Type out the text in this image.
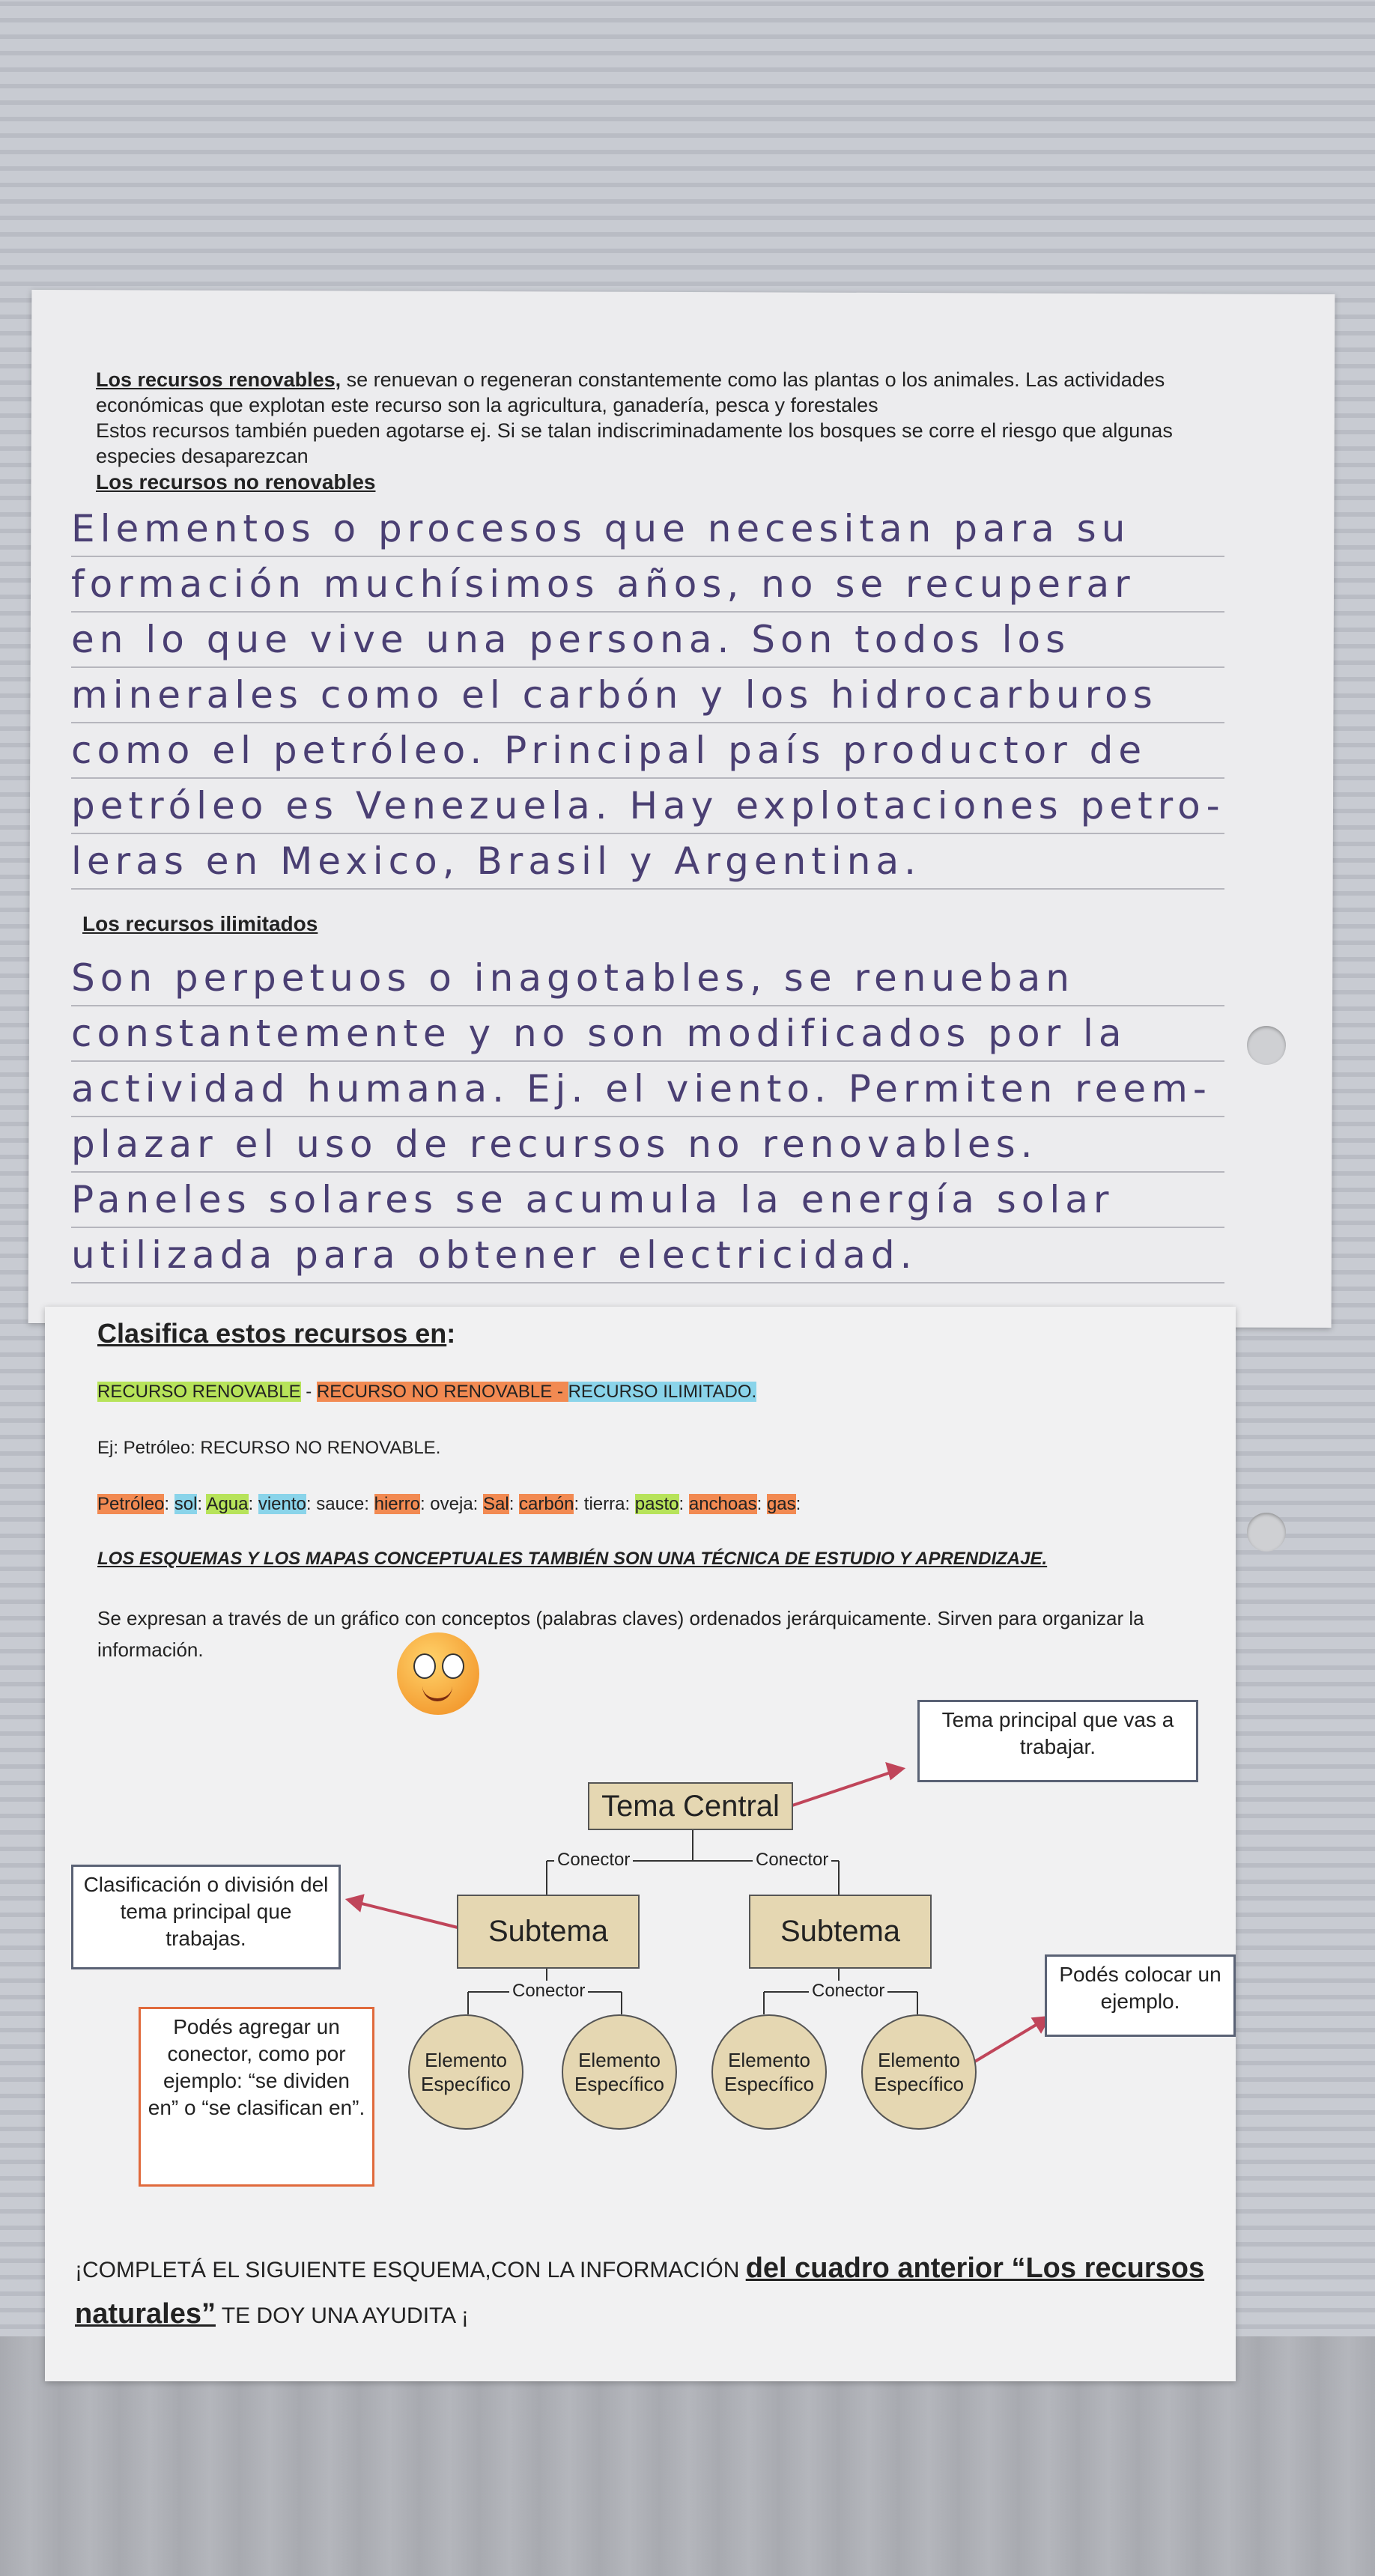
Los recursos renovables, se renuevan o regeneran constantemente como las plantas o los animales. Las actividades económicas que explotan este recurso son la agricultura, ganadería, pesca y forestales

Estos recursos también pueden agotarse ej. Si se talan indiscriminadamente los bosques se corre el riesgo que algunas especies desaparezcan

Los recursos no renovables
Elementos o procesos que necesitan para su
formación muchísimos años, no se recuperar
en lo que vive una persona. Son todos los
minerales como el carbón y los hidrocarburos
como el petróleo. Principal país productor de
petróleo es Venezuela. Hay explotaciones petro-
leras en Mexico, Brasil y Argentina.
Los recursos ilimitados
Son perpetuos o inagotables, se renueban
constantemente y no son modificados por la
actividad humana. Ej. el viento. Permiten reem-
plazar el uso de recursos no renovables.
Paneles solares se acumula la energía solar
utilizada para obtener electricidad.
Clasifica estos recursos en:
RECURSO RENOVABLE - RECURSO NO RENOVABLE - RECURSO ILIMITADO.
Ej: Petróleo: RECURSO NO RENOVABLE.
Petróleo: sol: Agua: viento: sauce: hierro: oveja: Sal: carbón: tierra: pasto: anchoas: gas:
LOS ESQUEMAS Y LOS MAPAS CONCEPTUALES TAMBIÉN SON UNA TÉCNICA DE ESTUDIO Y APRENDIZAJE.
Se expresan a través de un gráfico con conceptos (palabras claves) ordenados jerárquicamente. Sirven para organizar la información.
Tema Central
Conector	Conector
Subtema	Subtema
Conector	Conector
Elemento Específico
Elemento Específico
Elemento Específico
Elemento Específico
Tema principal que vas a trabajar.
Clasificación o división del tema principal que trabajas.
Podés agregar un conector, como por ejemplo: “se dividen en” o “se clasifican en”.
Podés colocar un ejemplo.
¡COMPLETÁ EL SIGUIENTE ESQUEMA,CON LA INFORMACIÓN del cuadro anterior “Los recursos naturales” TE DOY UNA AYUDITA ¡
